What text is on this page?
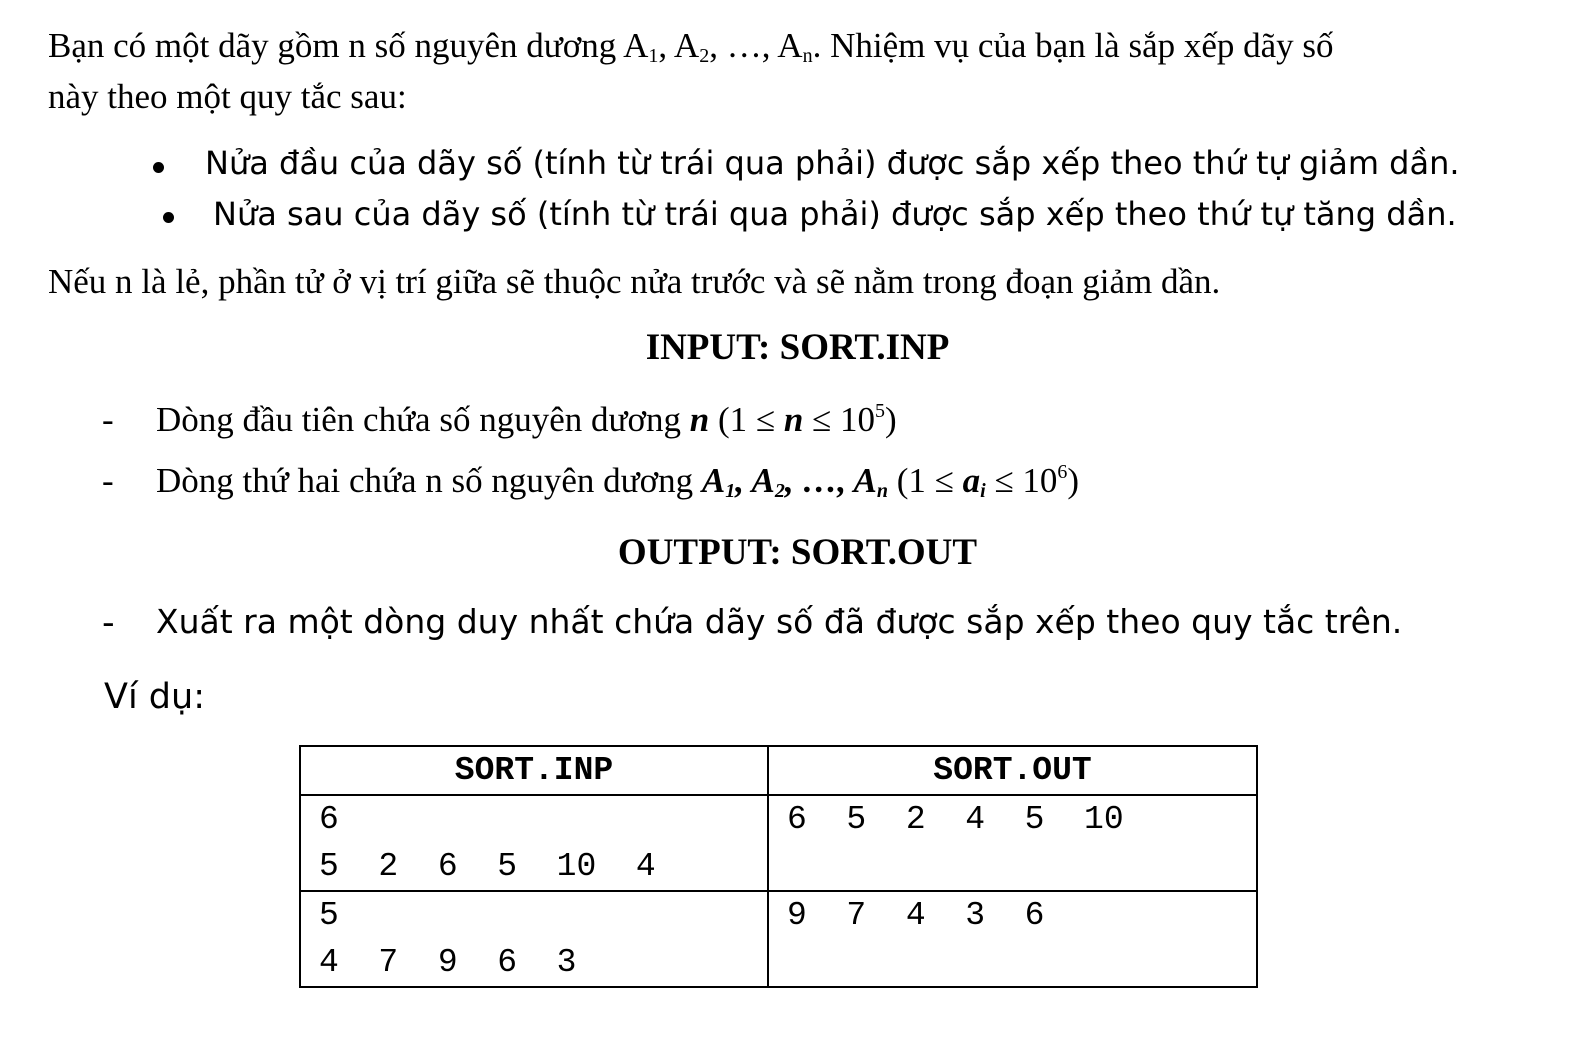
Bạn có một dãy gồm n số nguyên dương A1, A2, …, An. Nhiệm vụ của bạn là sắp xếp dãy số
này theo một quy tắc sau:
Nửa đầu của dãy số (tính từ trái qua phải) được sắp xếp theo thứ tự giảm dần.
Nửa sau của dãy số (tính từ trái qua phải) được sắp xếp theo thứ tự tăng dần.
Nếu n là lẻ, phần tử ở vị trí giữa sẽ thuộc nửa trước và sẽ nằm trong đoạn giảm dần.
INPUT: SORT.INP
- Dòng đầu tiên chứa số nguyên dương n $(1 \le n \le 10^5)$
- Dòng thứ hai chứa n số nguyên dương A1, A2, …, An (1 ≤ ai ≤ $10^6$)
OUTPUT: SORT.OUT
- Xuất ra một dòng duy nhất chứa dãy số đã được sắp xếp theo quy tắc trên.
Ví dụ:
SORT.INP	SORT.OUT

6
5  2  6  5  10  4	6  5  2  4  5  10

5
4  7  9  6  3	9  7  4  3  6
